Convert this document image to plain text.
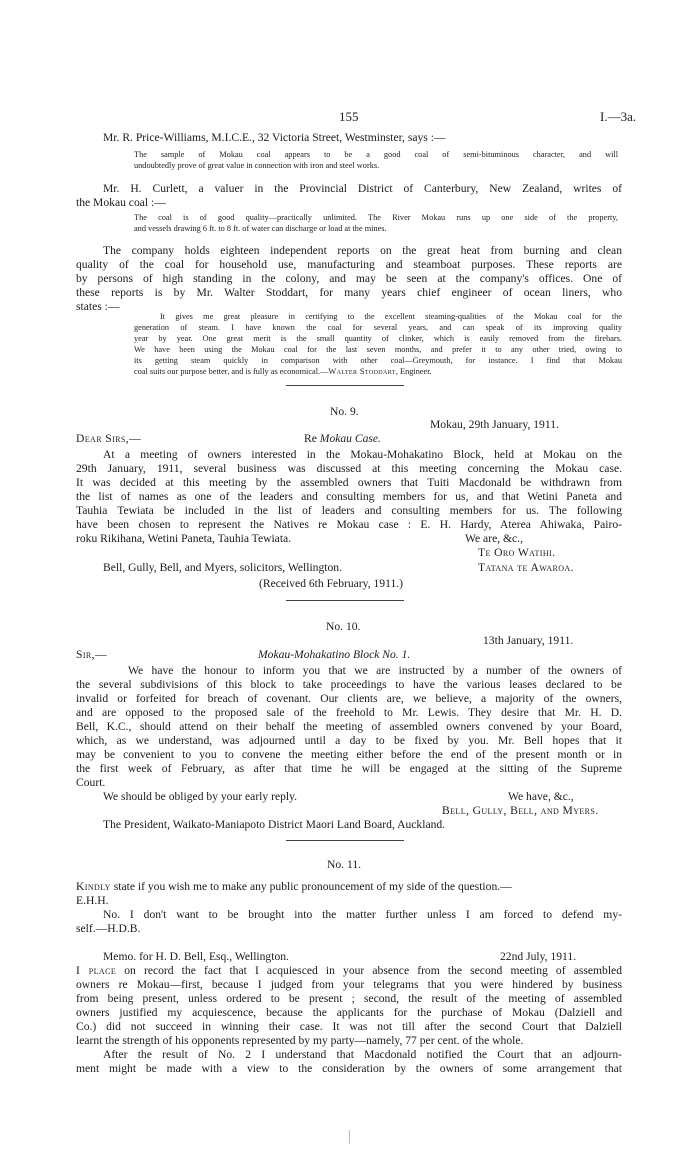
155	I.—3a.
Mr. R. Price-Williams, M.I.C.E., 32 Victoria Street, Westminster, says :—
The sample of Mokau coal appears to be a good coal of semi-bituminous character, and will
undoubtedly prove of great value in connection with iron and steel works.
Mr. H. Curlett, a valuer in the Provincial District of Canterbury, New Zealand, writes of
the Mokau coal :—
The coal is of good quality—practically unlimited. The River Mokau runs up one side of the property,
and vessels drawing 6 ft. to 8 ft. of water can discharge or load at the mines.
The company holds eighteen independent reports on the great heat from burning and clean
quality of the coal for household use, manufacturing and steamboat purposes. These reports are
by persons of high standing in the colony, and may be seen at the company's offices. One of
these reports is by Mr. Walter Stoddart, for many years chief engineer of ocean liners, who
states :—
It gives me great pleasure in certifying to the excellent steaming-qualities of the Mokau coal for the
generation of steam. I have known the coal for several years, and can speak of its improving quality
year by year. One great merit is the small quantity of clinker, which is easily removed from the firebars.
We have been using the Mokau coal for the last seven months, and prefer it to any other tried, owing to
its getting steam quickly in comparison with other coal—Greymouth, for instance. I find that Mokau
coal suits our purpose better, and is fully as economical.—Walter Stoddart, Engineer.
No. 9.
Mokau, 29th January, 1911.
Dear Sirs,—	Re Mokau Case.
At a meeting of owners interested in the Mokau-Mohakatino Block, held at Mokau on the
29th January, 1911, several business was discussed at this meeting concerning the Mokau case.
It was decided at this meeting by the assembled owners that Tuiti Macdonald be withdrawn from
the list of names as one of the leaders and consulting members for us, and that Wetini Paneta and
Tauhia Tewiata be included in the list of leaders and consulting members for us. The following
have been chosen to represent the Natives re Mokau case : E. H. Hardy, Aterea Ahiwaka, Pairo-
roku Rikihana, Wetini Paneta, Tauhia Tewiata.	We are, &c.,
Te Oro Watihi.
Bell, Gully, Bell, and Myers, solicitors, Wellington.	Tatana te Awaroa.
(Received 6th February, 1911.)
No. 10.
13th January, 1911.
Sir,—	Mokau-Mohakatino Block No. 1.
We have the honour to inform you that we are instructed by a number of the owners of
the several subdivisions of this block to take proceedings to have the various leases declared to be
invalid or forfeited for breach of covenant. Our clients are, we believe, a majority of the owners,
and are opposed to the proposed sale of the freehold to Mr. Lewis. They desire that Mr. H. D.
Bell, K.C., should attend on their behalf the meeting of assembled owners convened by your Board,
which, as we understand, was adjourned until a day to be fixed by you. Mr. Bell hopes that it
may be convenient to you to convene the meeting either before the end of the present month or in
the first week of February, as after that time he will be engaged at the sitting of the Supreme
Court.
We should be obliged by your early reply.	We have, &c.,
Bell, Gully, Bell, and Myers.
The President, Waikato-Maniapoto District Maori Land Board, Auckland.
No. 11.
Kindly state if you wish me to make any public pronouncement of my side of the question.—
E.H.H.
No. I don't want to be brought into the matter further unless I am forced to defend my-
self.—H.D.B.
Memo. for H. D. Bell, Esq., Wellington.	22nd July, 1911.
I place on record the fact that I acquiesced in your absence from the second meeting of assembled
owners re Mokau—first, because I judged from your telegrams that you were hindered by business
from being present, unless ordered to be present ; second, the result of the meeting of assembled
owners justified my acquiescence, because the applicants for the purchase of Mokau (Dalziell and
Co.) did not succeed in winning their case. It was not till after the second Court that Dalziell
learnt the strength of his opponents represented by my party—namely, 77 per cent. of the whole.
After the result of No. 2 I understand that Macdonald notified the Court that an adjourn-
ment might be made with a view to the consideration by the owners of some arrangement that
